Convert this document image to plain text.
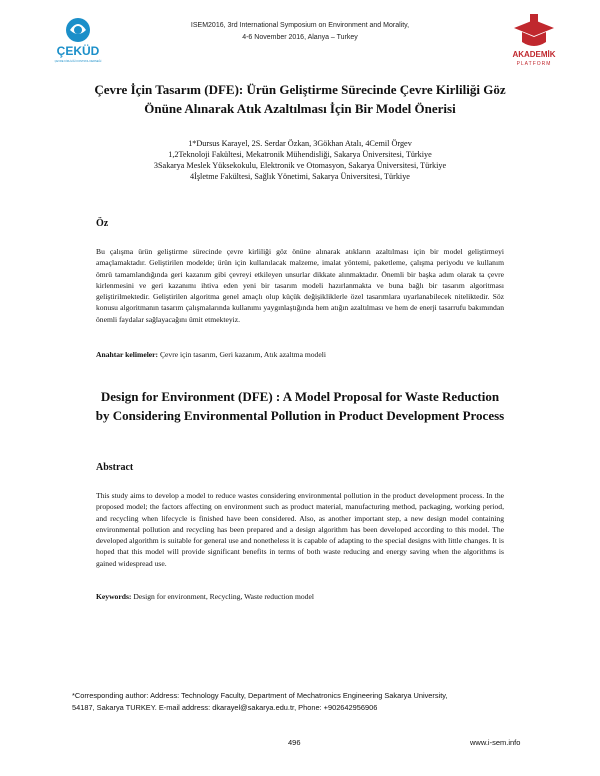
ÇEKÜD
ÇEVRE KİRLİLİĞİ KONTROL DERNEĞİ
ISEM2016, 3rd International Symposium on Environment and Morality,
4-6 November 2016, Alanya – Turkey
AKADEMİK
PLATFORM
Çevre İçin Tasarım (DFE): Ürün Geliştirme Sürecinde Çevre Kirliliği Göz
Önüne Alınarak Atık Azaltılması İçin Bir Model Önerisi
1*Dursus Karayel, 2S. Serdar Özkan, 3Gökhan Atalı, 4Cemil Örgev
1,2Teknoloji Fakültesi, Mekatronik Mühendisliği, Sakarya Üniversitesi, Türkiye
3Sakarya Meslek Yüksekokulu, Elektronik ve Otomasyon, Sakarya Üniversitesi, Türkiye
4İşletme Fakültesi, Sağlık Yönetimi, Sakarya Üniversitesi, Türkiye
Öz
Bu çalışma ürün geliştirme sürecinde çevre kirliliği göz önüne alınarak atıkların azaltılması için bir model geliştirmeyi amaçlamaktadır. Geliştirilen modelde; ürün için kullanılacak malzeme, imalat yöntemi, paketleme, çalışma periyodu ve kullanım ömrü tamamlandığında geri kazanım gibi çevreyi etkileyen unsurlar dikkate alınmaktadır. Önemli bir başka adım olarak ta çevre kirlenmesini ve geri kazanımı ihtiva eden yeni bir tasarım modeli hazırlanmakta ve buna bağlı bir tasarım algoritması geliştirilmektedir. Geliştirilen algoritma genel amaçlı olup küçük değişikliklerle özel tasarımlara uyarlanabilecek niteliktedir. Söz konusu algoritmanın tasarım çalışmalarında kullanımı yaygınlaştığında hem atığın azaltılması ve hem de enerji tasarrufu bakımından önemli faydalar sağlayacağını ümit etmekteyiz.
Anahtar kelimeler: Çevre için tasarım, Geri kazanım, Atık azaltma modeli
Design for Environment (DFE) : A Model Proposal for Waste Reduction
by Considering Environmental Pollution in Product Development Process
Abstract
This study aims to develop a model to reduce wastes considering environmental pollution in the product development process. In the proposed model; the factors affecting on environment such as product material, manufacturing method, packaging, working period, and recycling when lifecycle is finished have been considered. Also, as another important step, a new design model containing environmental pollution and recycling has been prepared and a design algorithm has been developed according to this model. The developed algorithm is suitable for general use and nonetheless it is capable of adapting to the special designs with little changes. It is hoped that this model will provide significant benefits in terms of both waste reducing and energy saving when the algorithms is gained widespread use.
Keywords: Design for environment, Recycling, Waste reduction model
*Corresponding author: Address: Technology Faculty, Department of Mechatronics Engineering Sakarya University,
54187, Sakarya TURKEY. E-mail address: dkarayel@sakarya.edu.tr, Phone: +902642956906
496	www.i-sem.info
